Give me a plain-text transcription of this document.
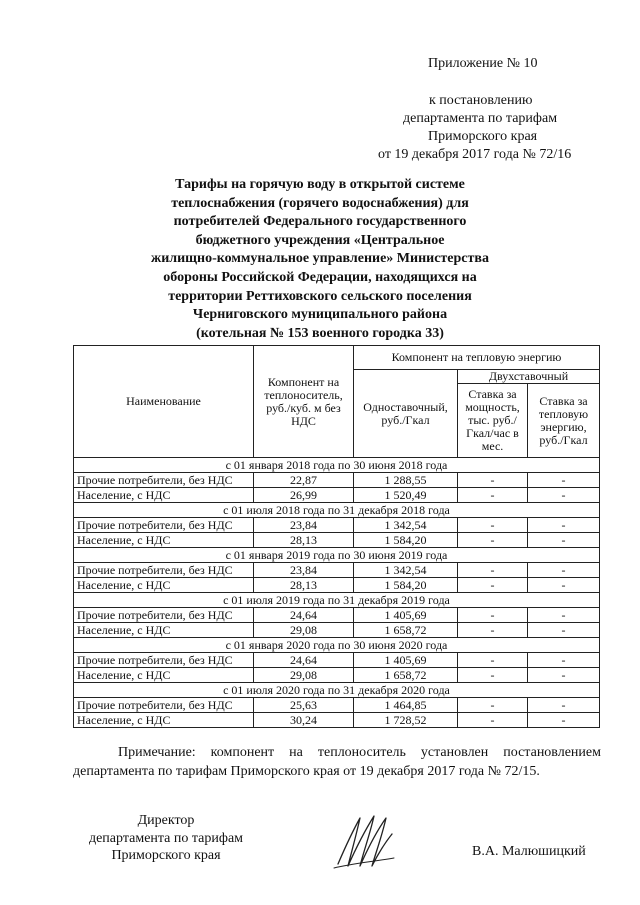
Приложение № 10
к постановлению
департамента по тарифам
Приморского края
от 19 декабря 2017 года № 72/16
Тарифы на горячую воду в открытой системе
теплоснабжения (горячего водоснабжения) для
потребителей Федерального государственного
бюджетного учреждения «Центральное
жилищно-коммунальное управление» Министерства
обороны Российской Федерации, находящихся на
территории Реттиховского сельского поселения
Черниговского муниципального района
(котельная № 153 военного городка 33)
Наименование	Компонент на теплоноситель, руб./куб. м без НДС	Компонент на тепловую энергию		
		Одноставочный, руб./Гкал	Двухставочный	
			Ставка за мощность, тыс. руб./Гкал/час в мес.	Ставка за тепловую энергию, руб./Гкал
с 01 января 2018 года по 30 июня 2018 года				
Прочие потребители, без НДС	22,87	1 288,55	-	-
Население, с НДС	26,99	1 520,49	-	-
с 01 июля 2018 года по 31 декабря 2018 года				
Прочие потребители, без НДС	23,84	1 342,54	-	-
Население, с НДС	28,13	1 584,20	-	-
с 01 января 2019 года по 30 июня 2019 года				
Прочие потребители, без НДС	23,84	1 342,54	-	-
Население, с НДС	28,13	1 584,20	-	-
с 01 июля 2019 года по 31 декабря 2019 года				
Прочие потребители, без НДС	24,64	1 405,69	-	-
Население, с НДС	29,08	1 658,72	-	-
с 01 января 2020 года по 30 июня 2020 года				
Прочие потребители, без НДС	24,64	1 405,69	-	-
Население, с НДС	29,08	1 658,72	-	-
с 01 июля 2020 года по 31 декабря 2020 года				
Прочие потребители, без НДС	25,63	1 464,85	-	-
Население, с НДС	30,24	1 728,52	-	-
Примечание: компонент на теплоноситель установлен постановлением департамента по тарифам Приморского края от 19 декабря 2017 года № 72/15.
Директор
департамента по тарифам
Приморского края	В.А. Малюшицкий
